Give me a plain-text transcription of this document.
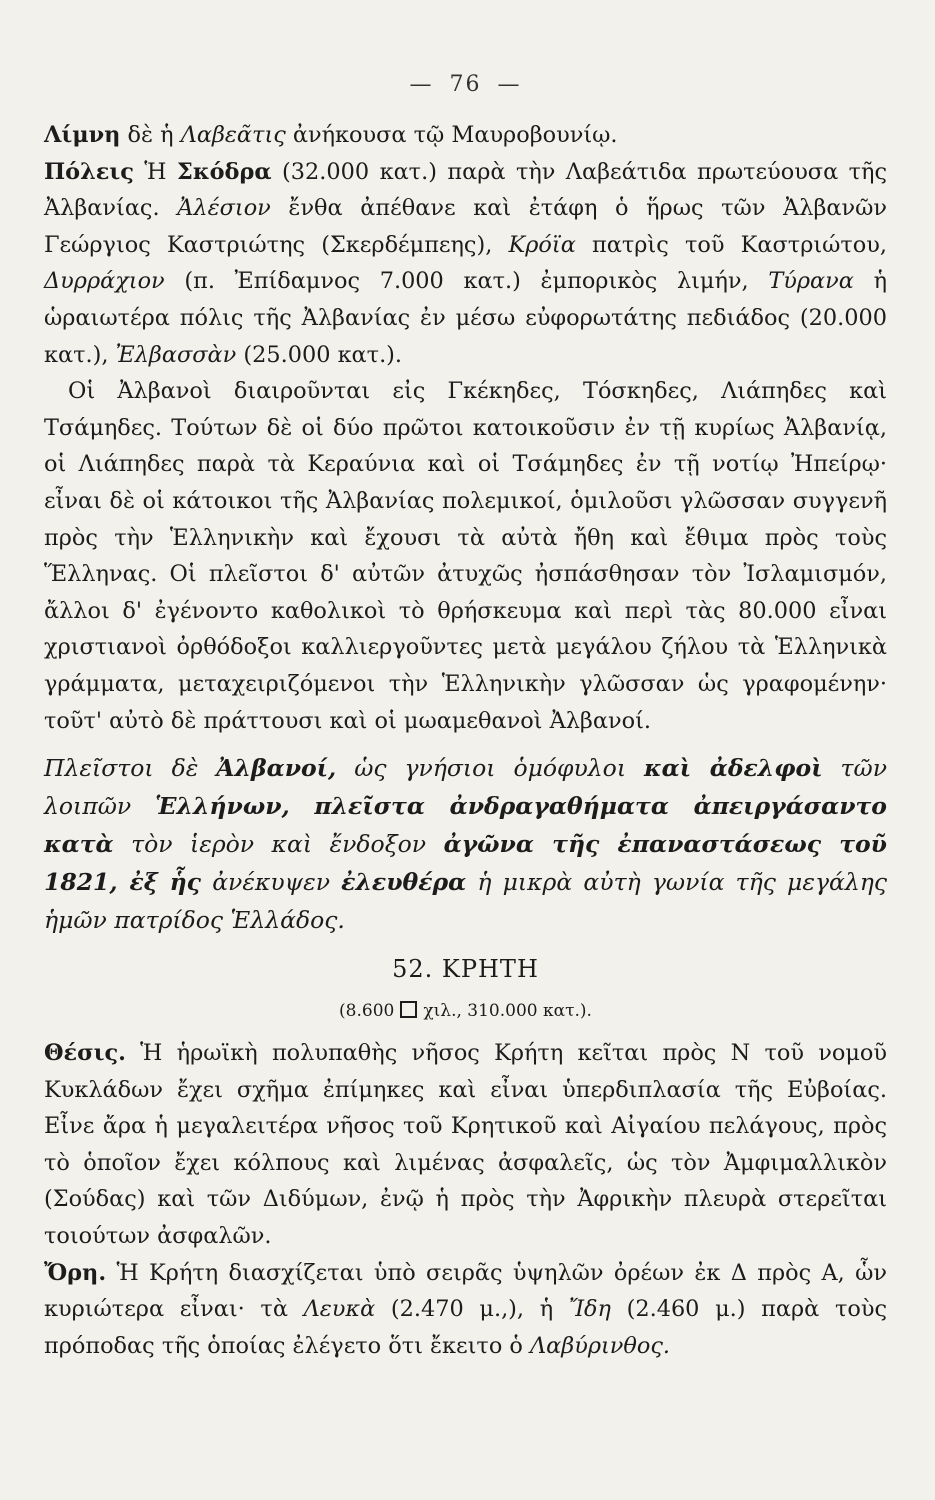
— 76 —

Λίμνη δὲ ἡ Λαβεᾶτις ἀνήκουσα τῷ Μαυροβουνίῳ.

Πόλεις Ἡ Σκόδρα (32.000 κατ.) παρὰ τὴν Λαβεάτιδα πρωτεύουσα τῆς Ἀλβανίας. Ἀλέσιον ἔνθα ἀπέθανε καὶ ἐτάφη ὁ ἥρως τῶν Ἀλβανῶν Γεώργιος Καστριώτης (Σκερδέμπεης), Κρόϊα πατρὶς τοῦ Καστριώτου, Δυρράχιον (π. Ἐπίδαμνος 7.000 κατ.) ἐμπορικὸς λιμήν, Τύρανα ἡ ὡραιωτέρα πόλις τῆς Ἀλβανίας ἐν μέσω εὐφορωτάτης πεδιάδος (20.000 κατ.), Ἐλβασσὰν (25.000 κατ.).

Οἱ Ἀλβανοὶ διαιροῦνται εἰς Γκέκηδες, Τόσκηδες, Λιάπηδες καὶ Τσάμηδες. Τούτων δὲ οἱ δύο πρῶτοι κατοικοῦσιν ἐν τῇ κυρίως Ἀλβανίᾳ, οἱ Λιάπηδες παρὰ τὰ Κεραύνια καὶ οἱ Τσάμηδες ἐν τῇ νοτίῳ Ἠπείρῳ· εἶναι δὲ οἱ κάτοικοι τῆς Ἀλβανίας πολεμικοί, ὁμιλοῦσι γλῶσσαν συγγενῆ πρὸς τὴν Ἑλληνικὴν καὶ ἔχουσι τὰ αὐτὰ ἤθη καὶ ἔθιμα πρὸς τοὺς Ἕλληνας. Οἱ πλεῖστοι δ' αὐτῶν ἀτυχῶς ἠσπάσθησαν τὸν Ἰσλαμισμόν, ἄλλοι δ' ἐγένοντο καθολικοὶ τὸ θρήσκευμα καὶ περὶ τὰς 80.000 εἶναι χριστιανοὶ ὀρθόδοξοι καλλιεργοῦντες μετὰ μεγάλου ζήλου τὰ Ἑλληνικὰ γράμματα, μεταχειριζόμενοι τὴν Ἑλληνικὴν γλῶσσαν ὡς γραφομένην· τοῦτ' αὐτὸ δὲ πράττουσι καὶ οἱ μωαμεθανοὶ Ἀλβανοί.

Πλεῖστοι δὲ Ἀλβανοί, ὡς γνήσιοι ὁμόφυλοι καὶ ἀδελφοὶ τῶν λοιπῶν Ἑλλήνων, πλεῖστα ἀνδραγαθήματα ἀπειργάσαντο κατὰ τὸν ἱερὸν καὶ ἔνδοξον ἀγῶνα τῆς ἐπαναστάσεως τοῦ 1821, ἐξ ἧς ἀνέκυψεν ἐλευθέρα ἡ μικρὰ αὐτὴ γωνία τῆς μεγάλης ἡμῶν πατρίδος Ἑλλάδος.

52. ΚΡΗΤΗ
(8.600 χιλ., 310.000 κατ.).

Θέσις. Ἡ ἡρωϊκὴ πολυπαθὴς νῆσος Κρήτη κεῖται πρὸς Ν τοῦ νομοῦ Κυκλάδων ἔχει σχῆμα ἐπίμηκες καὶ εἶναι ὑπερδιπλασία τῆς Εὐβοίας. Εἶνε ἄρα ἡ μεγαλειτέρα νῆσος τοῦ Κρητικοῦ καὶ Αἰγαίου πελάγους, πρὸς τὸ ὁποῖον ἔχει κόλπους καὶ λιμένας ἀσφαλεῖς, ὡς τὸν Ἀμφιμαλλικὸν (Σούδας) καὶ τῶν Διδύμων, ἐνῷ ἡ πρὸς τὴν Ἀφρικὴν πλευρὰ στερεῖται τοιούτων ἀσφαλῶν.

Ὄρη. Ἡ Κρήτη διασχίζεται ὑπὸ σειρᾶς ὑψηλῶν ὀρέων ἐκ Δ πρὸς Α, ὧν κυριώτερα εἶναι· τὰ Λευκὰ (2.470 μ.,), ἡ Ἴδη (2.460 μ.) παρὰ τοὺς πρόποδας τῆς ὁποίας ἐλέγετο ὅτι ἔκειτο ὁ Λαβύρινθος.
